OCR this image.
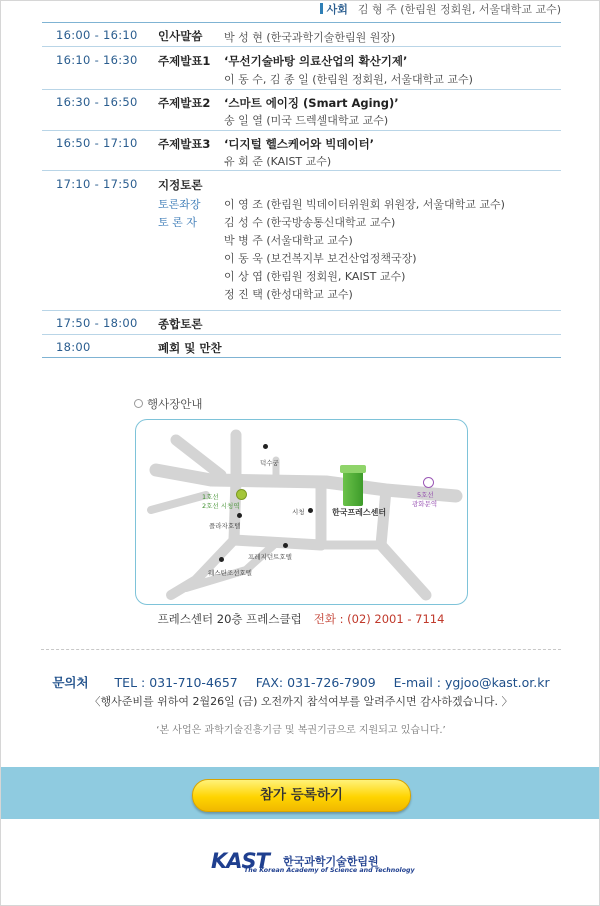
사회 김 형 주 (한림원 정회원, 서울대학교 교수)
16:00 - 16:10 인사말씀 박 성 현 (한국과학기술한림원 원장)
16:10 - 16:30 주제발표1 ‘무선기술바탕 의료산업의 확산기제’
이 동 수, 김 종 일 (한림원 정회원, 서울대학교 교수)
16:30 - 16:50 주제발표2 ‘스마트 에이징 (Smart Aging)’
송 일 열 (미국 드렉셀대학교 교수)
16:50 - 17:10 주제발표3 ‘디지털 헬스케어와 빅데이터’
유 회 준 (KAIST 교수)
17:10 - 17:50 지정토론
토론좌장
토 론 자
이 영 조 (한림원 빅데이터위원회 위원장, 서울대학교 교수)
김 성 수 (한국방송통신대학교 교수)
박 병 주 (서울대학교 교수)
이 동 욱 (보건복지부 보건산업정책국장)
이 상 엽 (한림원 정회원, KAIST 교수)
정 진 택 (한성대학교 교수)
17:50 - 18:00 종합토론
18:00	폐회 및 만찬
행사장안내
덕수궁
1호선
2호선 시청역
플라자호텔
시청	한국프레스센터
5호선
광화문역
프레지던트호텔
웨스틴조선호텔
프레스센터 20층 프레스클럽 전화 : (02) 2001 - 7114
문의처 TEL : 031-710-4657 FAX: 031-726-7909 E-mail : ygjoo@kast.or.kr
〈행사준비를 위하여 2월26일 (금) 오전까지 참석여부를 알려주시면 감사하겠습니다. 〉
‘본 사업은 과학기술진흥기금 및 복권기금으로 지원되고 있습니다.’
참가 등록하기
KAST 한국과학기술한림원
The Korean Academy of Science and Technology
